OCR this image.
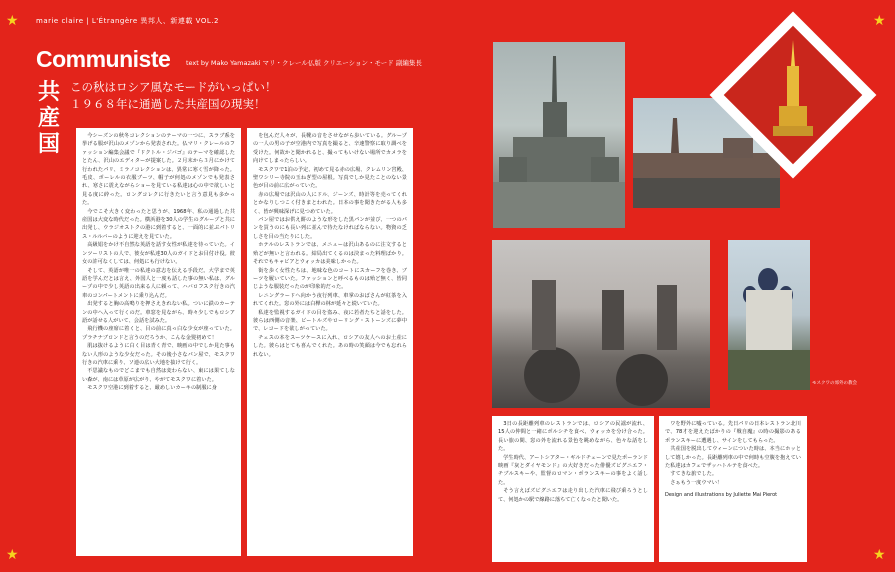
marie claire | L'Étrangère 異邦人、新連載 VOL.2
Communiste text by Mako Yamazaki マリ・クレール仏版 クリエーション・モード 副編集長
共
産
国
この秋はロシア風なモードがいっぱい！
１９６８年に通過した共産国の現実！

今シーズンの秋冬コレクションのテーマの一つに、スラブ系を挙げる服が沢山のメゾンから発表された。仏マリ・クレールのファッション編集会議で『ドクトル・ジバゴ』のテーマを確認したとたん、沢山のエディターが提案した。２月末から３月にかけて行われたパリ、ミラノコレクションは、異常に寒く雪が降った。毛皮、ボーレルの衣服ブーツ、帽子が何処のメゾンでも発表され、寒さに震えながらショーを見ている私達は心の中で欲しいと見る度に砕った。ロングコレクに行きたいと言う意見も多かった。

今でこそ大きく変わったと思うが、1968年、私の通過した共産国は大変な時代だった。横浜港を30人の学生のグループと共に出発し、ウラジオストクの港に到着すると、一面的に並ぶパトリス・ルルバーのように迎えを見ていた。

高級娼をかけ不自然な英語を話す女性が私達を待っていた。インツーリストの人で、彼女が私達30人のガイドとお目付け役。彼女の許可なくしては、何処にも行けない。

そして、英語が唯一の私達の意志を伝える手段だ。大学まで英語を学んだとは言え、外国人と一度も話した事の無い私は、グループの中で少し英語の出来る人に頼って、ハバロフスク行きの汽車のコンパートメントに乗り込んだ。

出発すると胸の高鳴りを押さえきれない私。ついに鉄のカーテンの中へ入って行くのだ。車窓を見ながら、時々少しでもロシア語が話せる人がいて、会話を試みた。

飛行機の座席に着くと、目の前に真っ白な少女が座っていた。プラチナブロンドと言うのだろうか、こんな金髪初めて！

肌は抜けるように白く目は青く青で、映画の中でしか見た事もない人形のような少女だった。その後小さなパン屋で、モスクワ行きの汽車に乗り、ソ連の広い大地を抜けて行く。

不思議なものでどこまでも自然は変わらない、東には果てしない森が、南には草原が広がり、やがてモスクワに着いた。

モスクワ空港に到着すると、厳めしいカーキの制服に身

を包んだ人々が、長靴の音をさせながら歩いている。グループの一人の男の子が空港内で写真を撮ると、辛速警察に取り調べを受けた。何故かと聞かれると、撮ってもいけない場所でカメラを向けてしまったらしい。

モスクワで1泊の予定、初めて見る赤の広場、クレムリン宮殿、聖ワシリー寺院の玉ねぎ型の屋根。写真でしか見たことのない景色が目の前に広がっていた。

赤の広場では沢山の人にドル、ジーンズ、時計等を売ってくれとかなりしつこく付きまとわれた。日本の事を聞きたがる人も多く、皆が興味深げに見つめていた。

パン屋ではお供え餅のような形をした黒パンが並び、一つのパンを買うのにも長い列に並んで待たなければならない。物資の乏しさを目の当たりにした。

ホテルのレストランでは、メニューは沢山あるのに注文すると殆どが無いと言われる。結局出てくるのは決まった料理ばかり。それでもキャビアとウォッカは美味しかった。

街を歩く女性たちは、地味な色のコートにスカーフを巻き、ブーツを履いていた。ファッションと呼べるものは殆ど無く、皆同じような服装だったのが印象的だった。

レニングラードへ向かう夜行列車、車掌のおばさんが紅茶を入れてくれた。窓の外には白樺の林が延々と続いていた。

私達を監視するガイドの目を盗み、夜に若者たちと話をした。彼らは西側の音楽、ビートルズやローリング・ストーンズに夢中で、レコードを欲しがっていた。

チェスの本をスーツケースに入れ、ロシアの友人へのお土産にした。彼らはとても喜んでくれた。あの時の笑顔は今でも忘れられない。

モスクワの郊外の教会

3日の長距離列車のレストランでは、ロシアの民謡が流れ、15人の仲間と一緒にボルシチを食べ、ウォッカを分け合った。長い旅の間、窓の外を流れる景色を眺めながら、色々な話をした。

学生時代、アートシアター・ギルドチェーンで見たポーランド映画『灰とダイヤモンド』の大好きだった俳優ズビグニエフ・チブルスキーや、監督のロマン・ポランスキーの事をよく話した。

そう言えばズビグニエフは走り出した汽車に飛び乗ろうとして、何処かの駅で線路に落ちて亡くなったと聞いた。

ワを野外に嘘っている。先日パリの日本レストラン北川で、78才を迎えたばかりの『戦自魔』の時の撮影のあるポランスキーに遭遇し、サインをしてもらった。

共産国を脱出してウィーンについた時は、本当にホッとして嬉しかった。長距離列車の中で何時も空腹を抱えていた私達はカフェでザッハトルテを食べた。

すてきな旅でした。

さぁもう一度ウマい！

Design and illustrations by Juliette Mai Pierot
★	★
★	★
